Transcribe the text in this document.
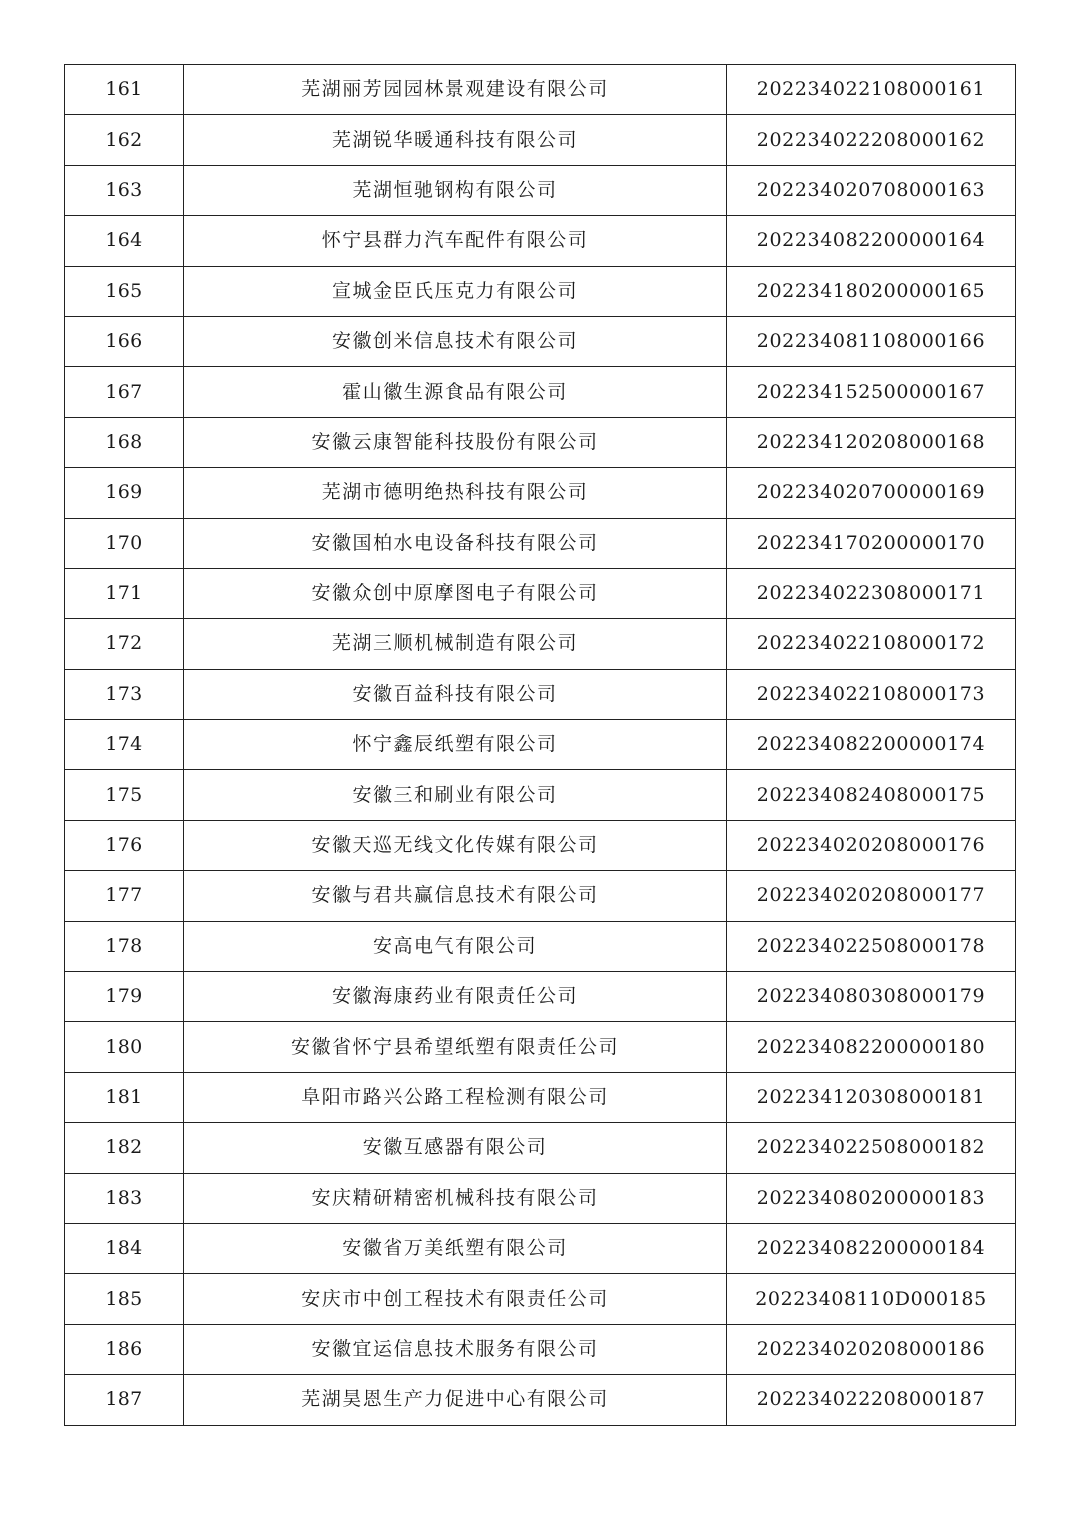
161	芜湖丽芳园园林景观建设有限公司	202234022108000161
162	芜湖锐华暖通科技有限公司	202234022208000162
163	芜湖恒驰钢构有限公司	202234020708000163
164	怀宁县群力汽车配件有限公司	202234082200000164
165	宣城金臣氏压克力有限公司	202234180200000165
166	安徽创米信息技术有限公司	202234081108000166
167	霍山徽生源食品有限公司	202234152500000167
168	安徽云康智能科技股份有限公司	202234120208000168
169	芜湖市德明绝热科技有限公司	202234020700000169
170	安徽国柏水电设备科技有限公司	202234170200000170
171	安徽众创中原摩图电子有限公司	202234022308000171
172	芜湖三顺机械制造有限公司	202234022108000172
173	安徽百益科技有限公司	202234022108000173
174	怀宁鑫辰纸塑有限公司	202234082200000174
175	安徽三和刷业有限公司	202234082408000175
176	安徽天巡无线文化传媒有限公司	202234020208000176
177	安徽与君共赢信息技术有限公司	202234020208000177
178	安高电气有限公司	202234022508000178
179	安徽海康药业有限责任公司	202234080308000179
180	安徽省怀宁县希望纸塑有限责任公司	202234082200000180
181	阜阳市路兴公路工程检测有限公司	202234120308000181
182	安徽互感器有限公司	202234022508000182
183	安庆精研精密机械科技有限公司	202234080200000183
184	安徽省万美纸塑有限公司	202234082200000184
185	安庆市中创工程技术有限责任公司	20223408110D000185
186	安徽宜运信息技术服务有限公司	202234020208000186
187	芜湖昊恩生产力促进中心有限公司	202234022208000187
